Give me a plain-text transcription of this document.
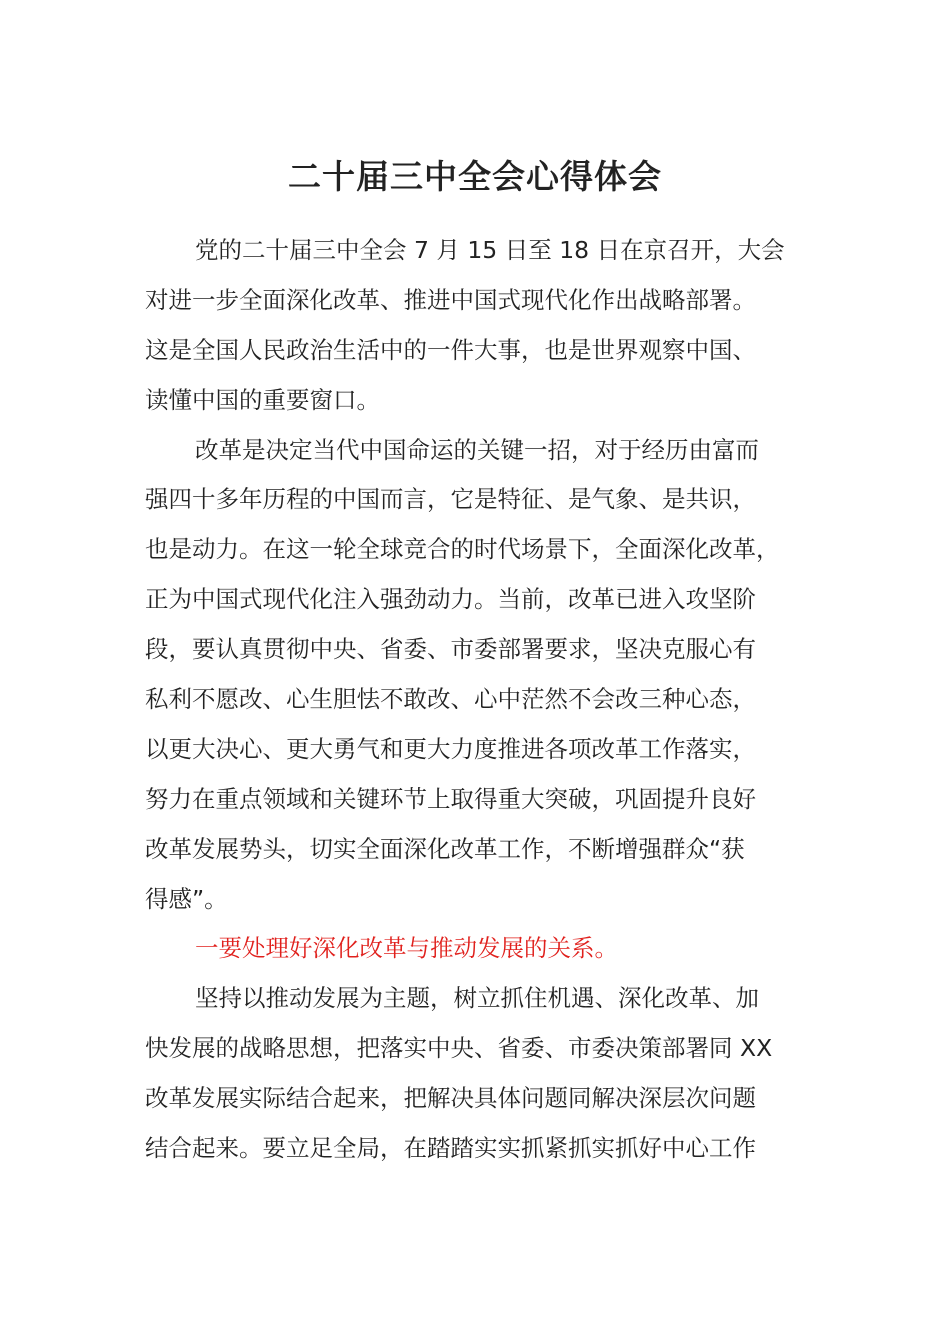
二十届三中全会心得体会

党的二十届三中全会 7 月 15 日至 18 日在京召开，大会
对进一步全面深化改革、推进中国式现代化作出战略部署。
这是全国人民政治生活中的一件大事，也是世界观察中国、
读懂中国的重要窗口。

改革是决定当代中国命运的关键一招，对于经历由富而
强四十多年历程的中国而言，它是特征、是气象、是共识，
也是动力。在这一轮全球竞合的时代场景下，全面深化改革，
正为中国式现代化注入强劲动力。当前，改革已进入攻坚阶
段，要认真贯彻中央、省委、市委部署要求，坚决克服心有
私利不愿改、心生胆怯不敢改、心中茫然不会改三种心态，
以更大决心、更大勇气和更大力度推进各项改革工作落实，
努力在重点领域和关键环节上取得重大突破，巩固提升良好
改革发展势头，切实全面深化改革工作，不断增强群众“获
得感”。

一要处理好深化改革与推动发展的关系。

坚持以推动发展为主题，树立抓住机遇、深化改革、加
快发展的战略思想，把落实中央、省委、市委决策部署同 XX
改革发展实际结合起来，把解决具体问题同解决深层次问题
结合起来。要立足全局，在踏踏实实抓紧抓实抓好中心工作
